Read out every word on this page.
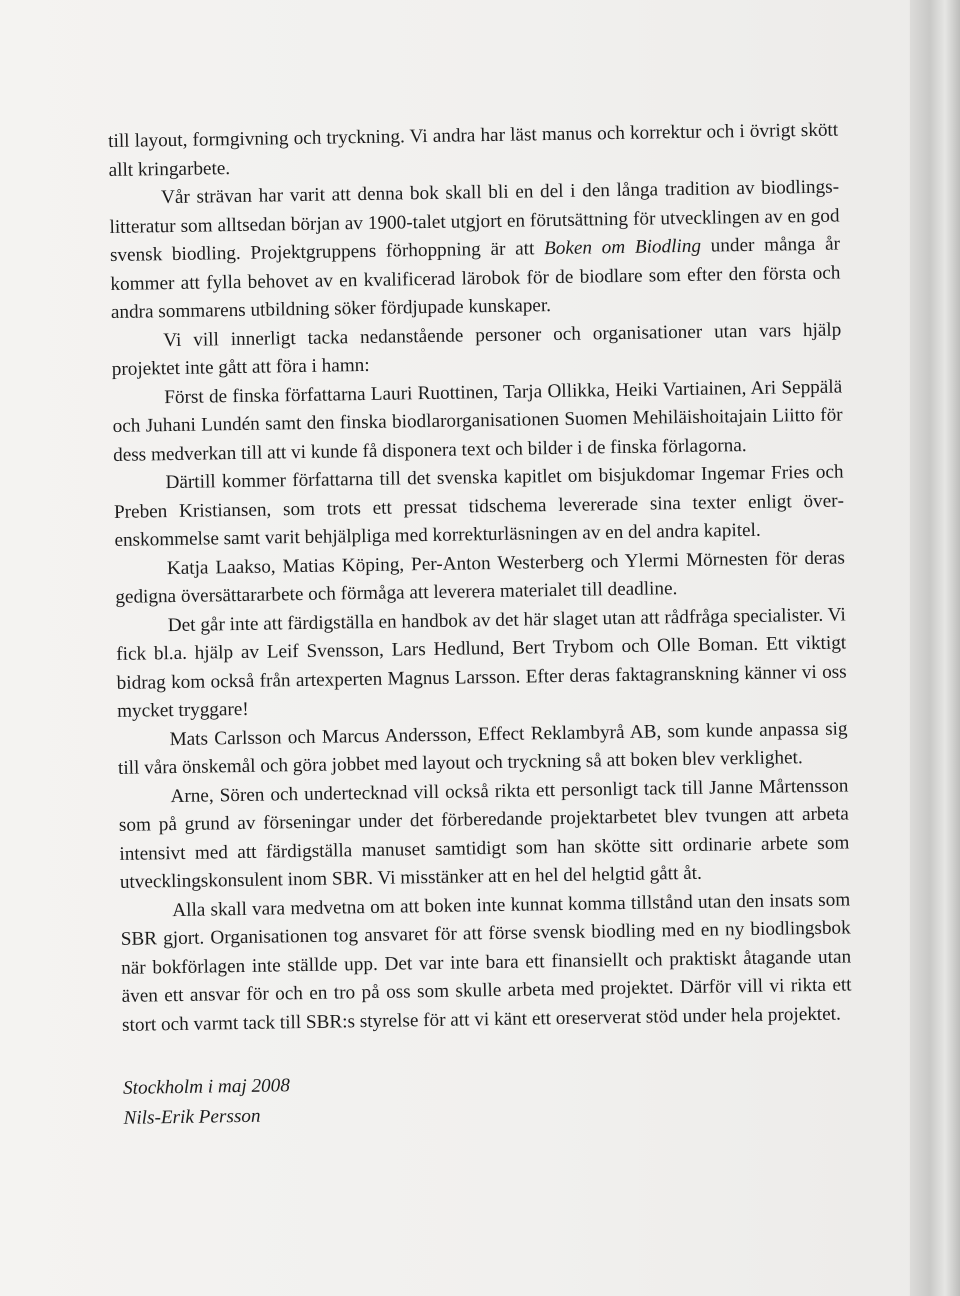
till layout, formgivning och tryckning. Vi andra har läst manus och korrektur och i övrigt skött allt kringarbete.

Vår strävan har varit att denna bok skall bli en del i den långa tradition av biodlingslitteratur som alltsedan början av 1900-talet utgjort en förutsättning för utvecklingen av en god svensk biodling. Projektgruppens förhoppning är att Boken om Biodling under många år kommer att fylla behovet av en kvalificerad lärobok för de biodlare som efter den första och andra sommarens utbildning söker fördjupade kunskaper.

Vi vill innerligt tacka nedanstående personer och organisationer utan vars hjälp projektet inte gått att föra i hamn:

Först de finska författarna Lauri Ruottinen, Tarja Ollikka, Heiki Vartiainen, Ari Seppälä och Juhani Lundén samt den finska biodlarorganisationen Suomen Mehiläishoitajain Liitto för dess medverkan till att vi kunde få disponera text och bilder i de finska förlagorna.

Därtill kommer författarna till det svenska kapitlet om bisjukdomar Ingemar Fries och Preben Kristiansen, som trots ett pressat tidschema levererade sina texter enligt överenskommelse samt varit behjälpliga med korrekturläsningen av en del andra kapitel.

Katja Laakso, Matias Köping, Per-Anton Westerberg och Ylermi Mörnesten för deras gedigna översättararbete och förmåga att leverera materialet till deadline.

Det går inte att färdigställa en handbok av det här slaget utan att rådfråga specialister. Vi fick bl.a. hjälp av Leif Svensson, Lars Hedlund, Bert Trybom och Olle Boman. Ett viktigt bidrag kom också från artexperten Magnus Larsson. Efter deras faktagranskning känner vi oss mycket tryggare!

Mats Carlsson och Marcus Andersson, Effect Reklambyrå AB, som kunde anpassa sig till våra önskemål och göra jobbet med layout och tryckning så att boken blev verklighet.

Arne, Sören och undertecknad vill också rikta ett personligt tack till Janne Mårtensson som på grund av förseningar under det förberedande projektarbetet blev tvungen att arbeta intensivt med att färdigställa manuset samtidigt som han skötte sitt ordinarie arbete som utvecklingskonsulent inom SBR. Vi misstänker att en hel del helgtid gått åt.

Alla skall vara medvetna om att boken inte kunnat komma tillstånd utan den insats som SBR gjort. Organisationen tog ansvaret för att förse svensk biodling med en ny biodlingsbok när bokförlagen inte ställde upp. Det var inte bara ett finansiellt och praktiskt åtagande utan även ett ansvar för och en tro på oss som skulle arbeta med projektet. Därför vill vi rikta ett stort och varmt tack till SBR:s styrelse för att vi känt ett oreserverat stöd under hela projektet.

Stockholm i maj 2008
Nils-Erik Persson
